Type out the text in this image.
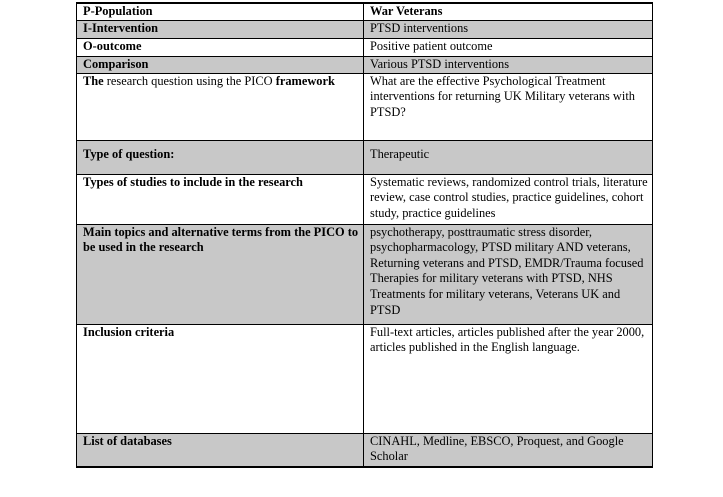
P-Population	War Veterans
I-Intervention	PTSD interventions
O-outcome	Positive patient outcome
Comparison	Various PTSD interventions
The research question using the PICO framework	What are the effective Psychological Treatment interventions for returning UK Military veterans with PTSD?
Type of question:	Therapeutic
Types of studies to include in the research	Systematic reviews, randomized control trials, literature review, case control studies, practice guidelines, cohort study, practice guidelines
Main topics and alternative terms from the PICO to be used in the research	psychotherapy, posttraumatic stress disorder, psychopharmacology, PTSD military AND veterans, Returning veterans and PTSD, EMDR/Trauma focused Therapies for military veterans with PTSD, NHS Treatments for military veterans, Veterans UK and PTSD
Inclusion criteria	Full-text articles, articles published after the year 2000, articles published in the English language.
List of databases	CINAHL, Medline, EBSCO, Proquest, and Google Scholar
